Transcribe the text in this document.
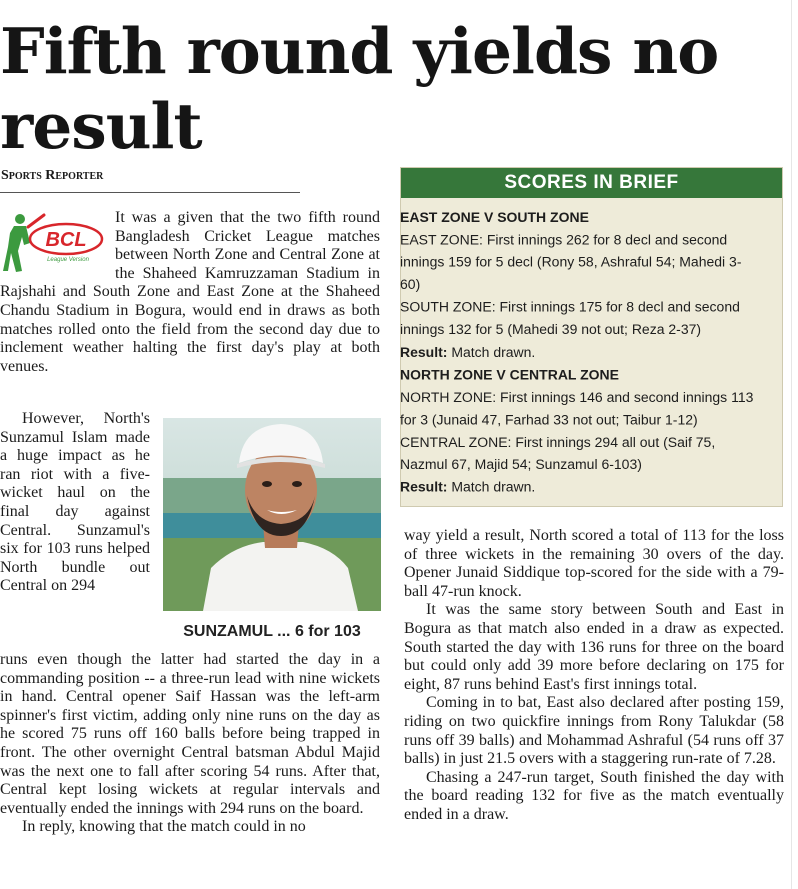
Fifth round yields no result
Sports Reporter
BCL
League Version

It was a given that the two fifth round Bangladesh Cricket League matches between North Zone and Central Zone at the Shaheed Kamruzzaman Stadium in Rajshahi and South Zone and East Zone at the Shaheed Chandu Stadium in Bogura, would end in draws as both matches rolled onto the field from the second day due to inclement weather halting the first day's play at both venues.

However, North's Sunzamul Islam made a huge impact as he ran riot with a five-wicket haul on the final day against Central. Sunzamul's six for 103 runs helped North bundle out Central on 294

SUNZAMUL ... 6 for 103

runs even though the latter had started the day in a commanding position -- a three-run lead with nine wickets in hand. Central opener Saif Hassan was the left-arm spinner's first victim, adding only nine runs on the day as he scored 75 runs off 160 balls before being trapped in front. The other overnight Central batsman Abdul Majid was the next one to fall after scoring 54 runs. After that, Central kept losing wickets at regular intervals and eventually ended the innings with 294 runs on the board.

In reply, knowing that the match could in no

SCORES IN BRIEF
EAST ZONE V SOUTH ZONE
EAST ZONE: First innings 262 for 8 decl and second innings 159 for 5 decl (Rony 58, Ashraful 54; Mahedi 3-60)
SOUTH ZONE: First innings 175 for 8 decl and second innings 132 for 5 (Mahedi 39 not out; Reza 2-37)
Result: Match drawn.
NORTH ZONE V CENTRAL ZONE
NORTH ZONE: First innings 146 and second innings 113 for 3 (Junaid 47, Farhad 33 not out; Taibur 1-12)
CENTRAL ZONE: First innings 294 all out (Saif 75, Nazmul 67, Majid 54; Sunzamul 6-103)
Result: Match drawn.

way yield a result, North scored a total of 113 for the loss of three wickets in the remaining 30 overs of the day. Opener Junaid Siddique top-scored for the side with a 79-ball 47-run knock.

It was the same story between South and East in Bogura as that match also ended in a draw as expected. South started the day with 136 runs for three on the board but could only add 39 more before declaring on 175 for eight, 87 runs behind East's first innings total.

Coming in to bat, East also declared after posting 159, riding on two quickfire innings from Rony Talukdar (58 runs off 39 balls) and Mohammad Ashraful (54 runs off 37 balls) in just 21.5 overs with a staggering run-rate of 7.28.

Chasing a 247-run target, South finished the day with the board reading 132 for five as the match eventually ended in a draw.
